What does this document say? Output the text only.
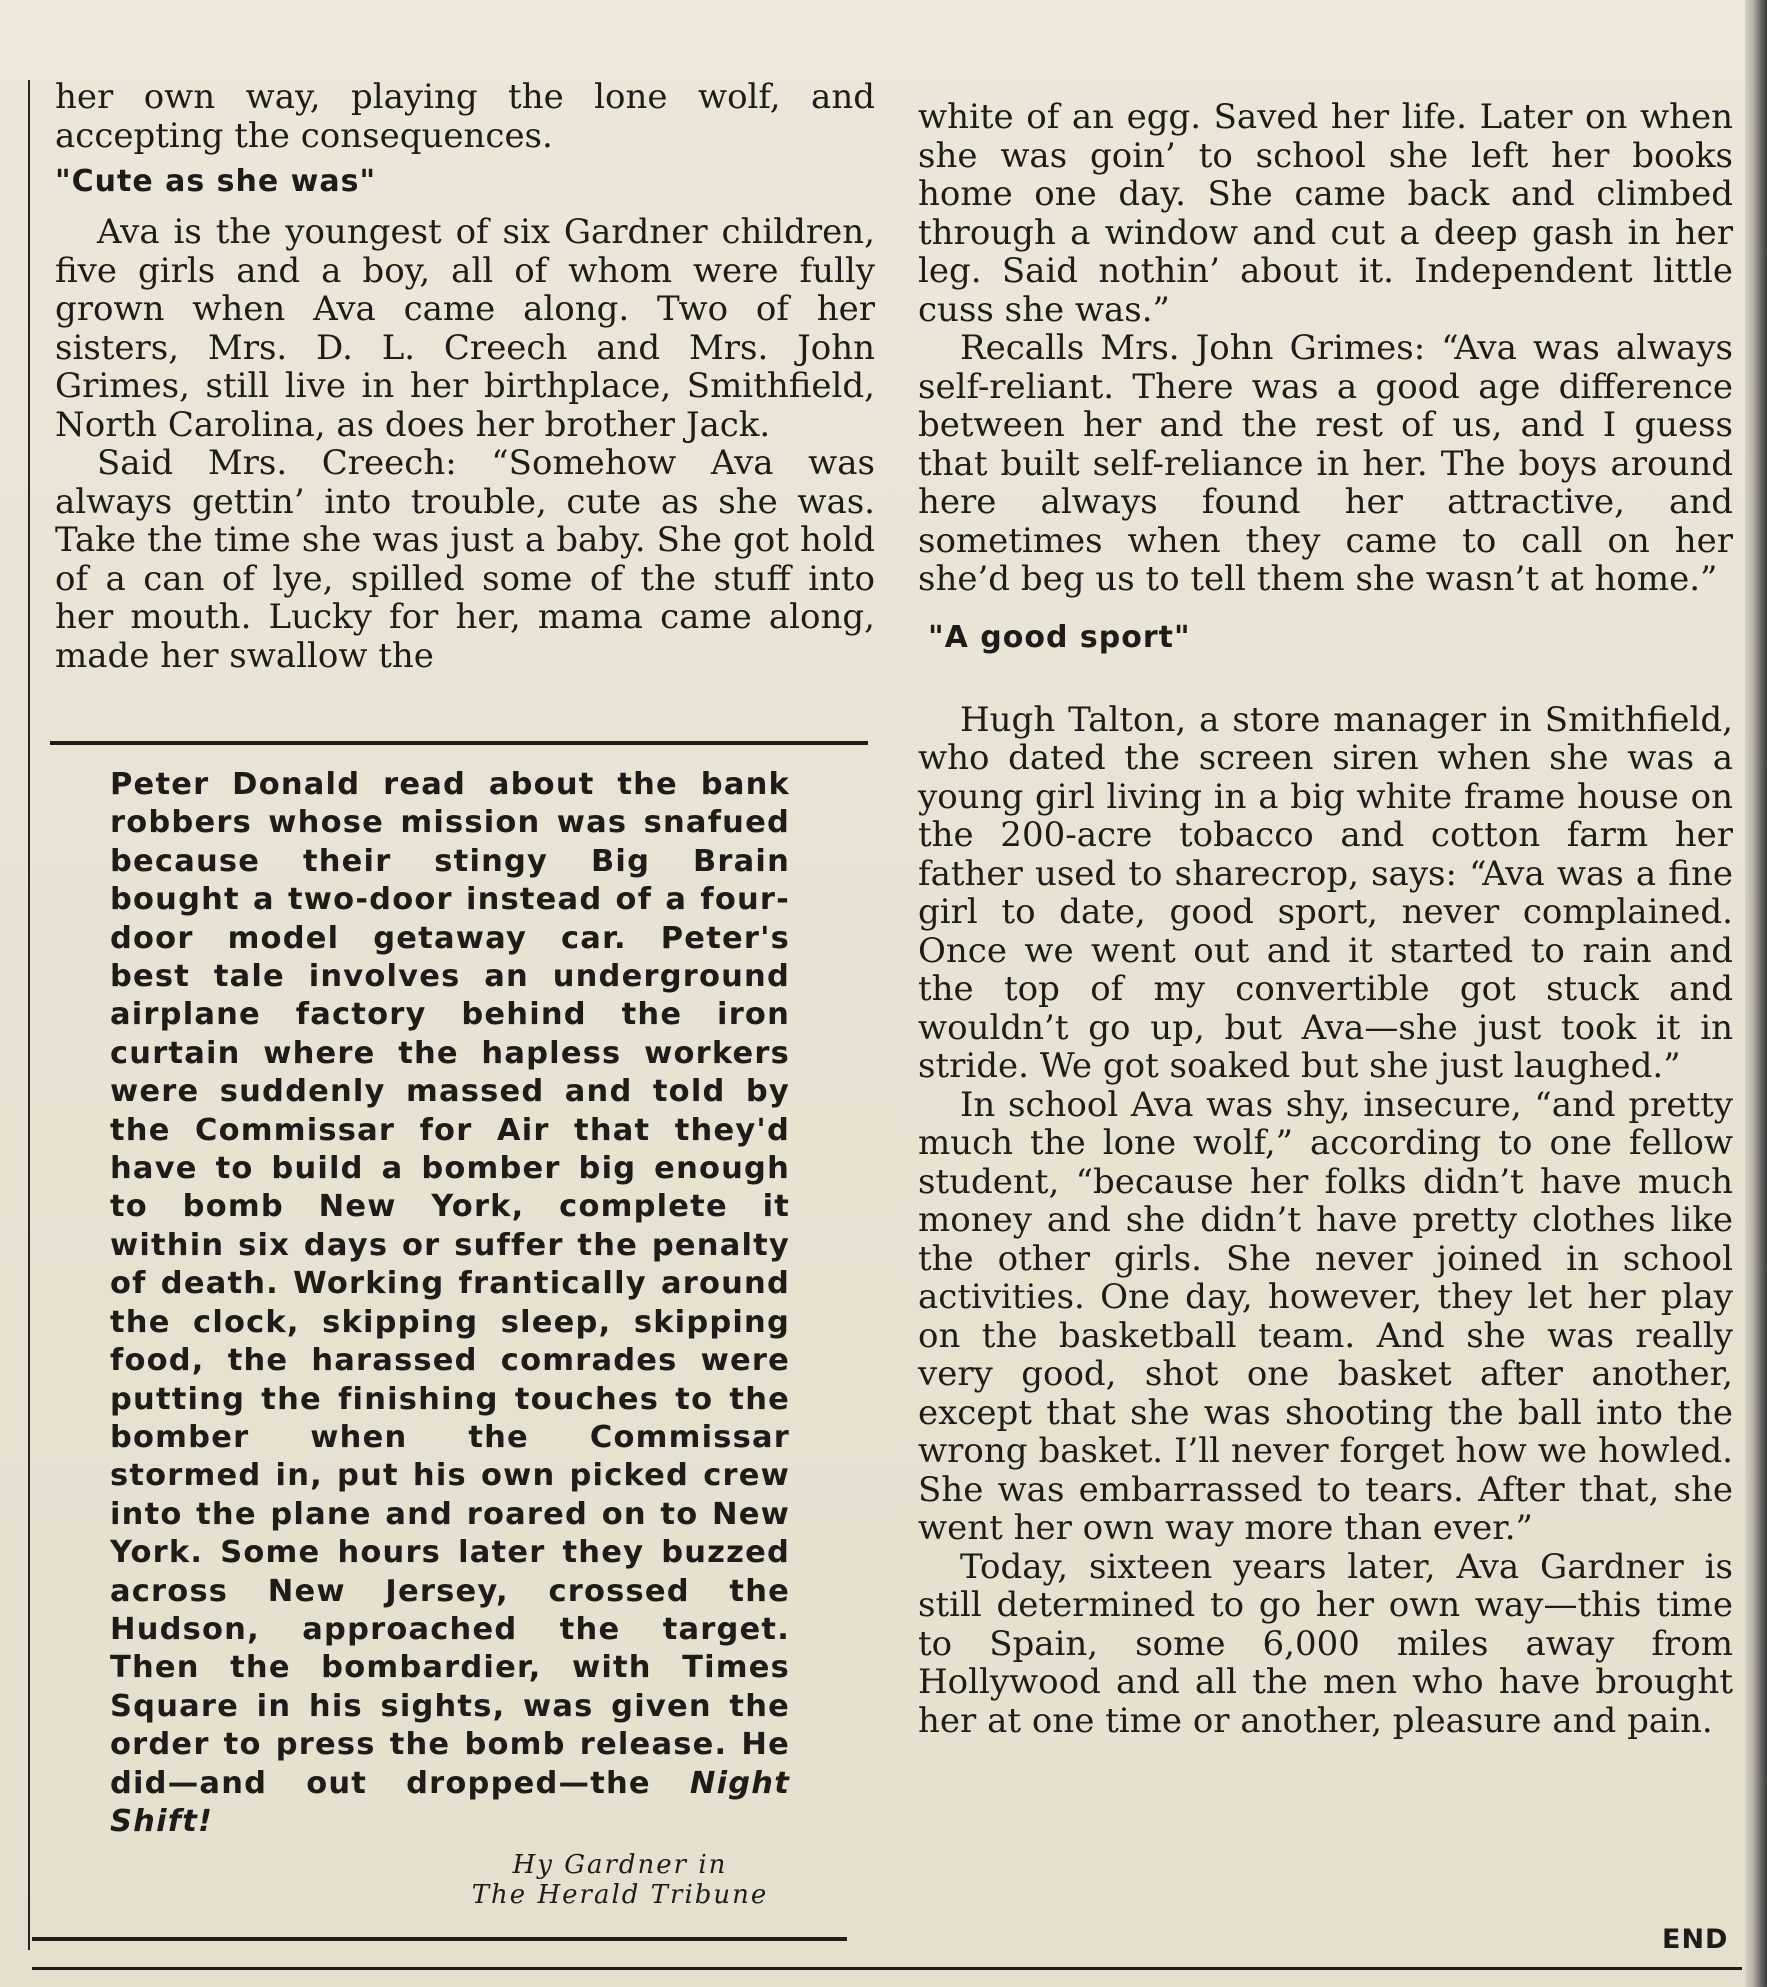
her own way, playing the lone wolf, and accepting the consequences.

"Cute as she was"

Ava is the youngest of six Gardner children, five girls and a boy, all of whom were fully grown when Ava came along. Two of her sisters, Mrs. D. L. Creech and Mrs. John Grimes, still live in her birthplace, Smithfield, North Carolina, as does her brother Jack.

Said Mrs. Creech: “Somehow Ava was always gettin’ into trouble, cute as she was. Take the time she was just a baby. She got hold of a can of lye, spilled some of the stuff into her mouth. Lucky for her, mama came along, made her swallow the

Peter Donald read about the bank robbers whose mission was snafued because their stingy Big Brain bought a two-door instead of a four-door model getaway car. Peter's best tale involves an underground airplane factory behind the iron curtain where the hapless workers were suddenly massed and told by the Commissar for Air that they'd have to build a bomber big enough to bomb New York, complete it within six days or suffer the penalty of death. Working frantically around the clock, skipping sleep, skipping food, the harassed comrades were putting the finishing touches to the bomber when the Commissar stormed in, put his own picked crew into the plane and roared on to New York. Some hours later they buzzed across New Jersey, crossed the Hudson, approached the target. Then the bombardier, with Times Square in his sights, was given the order to press the bomb release. He did—and out dropped—the Night Shift!

Hy Gardner in
The Herald Tribune

white of an egg. Saved her life. Later on when she was goin’ to school she left her books home one day. She came back and climbed through a window and cut a deep gash in her leg. Said nothin’ about it. Independent little cuss she was.”

Recalls Mrs. John Grimes: “Ava was always self-reliant. There was a good age difference between her and the rest of us, and I guess that built self-reliance in her. The boys around here always found her attractive, and sometimes when they came to call on her she’d beg us to tell them she wasn’t at home.”

"A good sport"

Hugh Talton, a store manager in Smithfield, who dated the screen siren when she was a young girl living in a big white frame house on the 200-acre tobacco and cotton farm her father used to sharecrop, says: “Ava was a fine girl to date, good sport, never complained. Once we went out and it started to rain and the top of my convertible got stuck and wouldn’t go up, but Ava—she just took it in stride. We got soaked but she just laughed.”

In school Ava was shy, insecure, “and pretty much the lone wolf,” according to one fellow student, “because her folks didn’t have much money and she didn’t have pretty clothes like the other girls. She never joined in school activities. One day, however, they let her play on the basketball team. And she was really very good, shot one basket after another, except that she was shooting the ball into the wrong basket. I’ll never forget how we howled. She was embarrassed to tears. After that, she went her own way more than ever.”

Today, sixteen years later, Ava Gardner is still determined to go her own way—this time to Spain, some 6,000 miles away from Hollywood and all the men who have brought her at one time or another, pleasure and pain.

END
